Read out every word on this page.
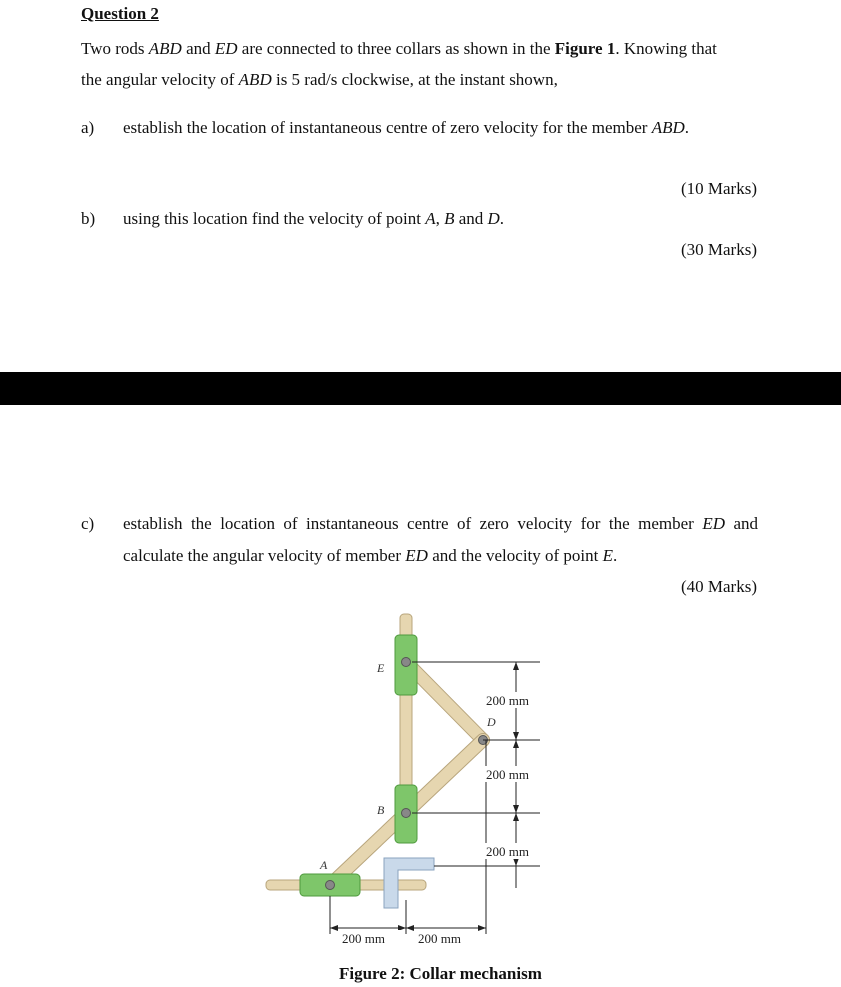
Question 2
Two rods ABD and ED are connected to three collars as shown in the Figure 1. Knowing that
the angular velocity of ABD is 5 rad/s clockwise, at the instant shown,
a) establish the location of instantaneous centre of zero velocity for the member ABD.
(10 Marks)
b) using this location find the velocity of point A, B and D.
(30 Marks)
c) establish the location of instantaneous centre of zero velocity for the member ED and
calculate the angular velocity of member ED and the velocity of point E.
(40 Marks)
200 mm
200 mm
200 mm
200 mm	200 mm
E
D
B
A
Figure 2: Collar mechanism
